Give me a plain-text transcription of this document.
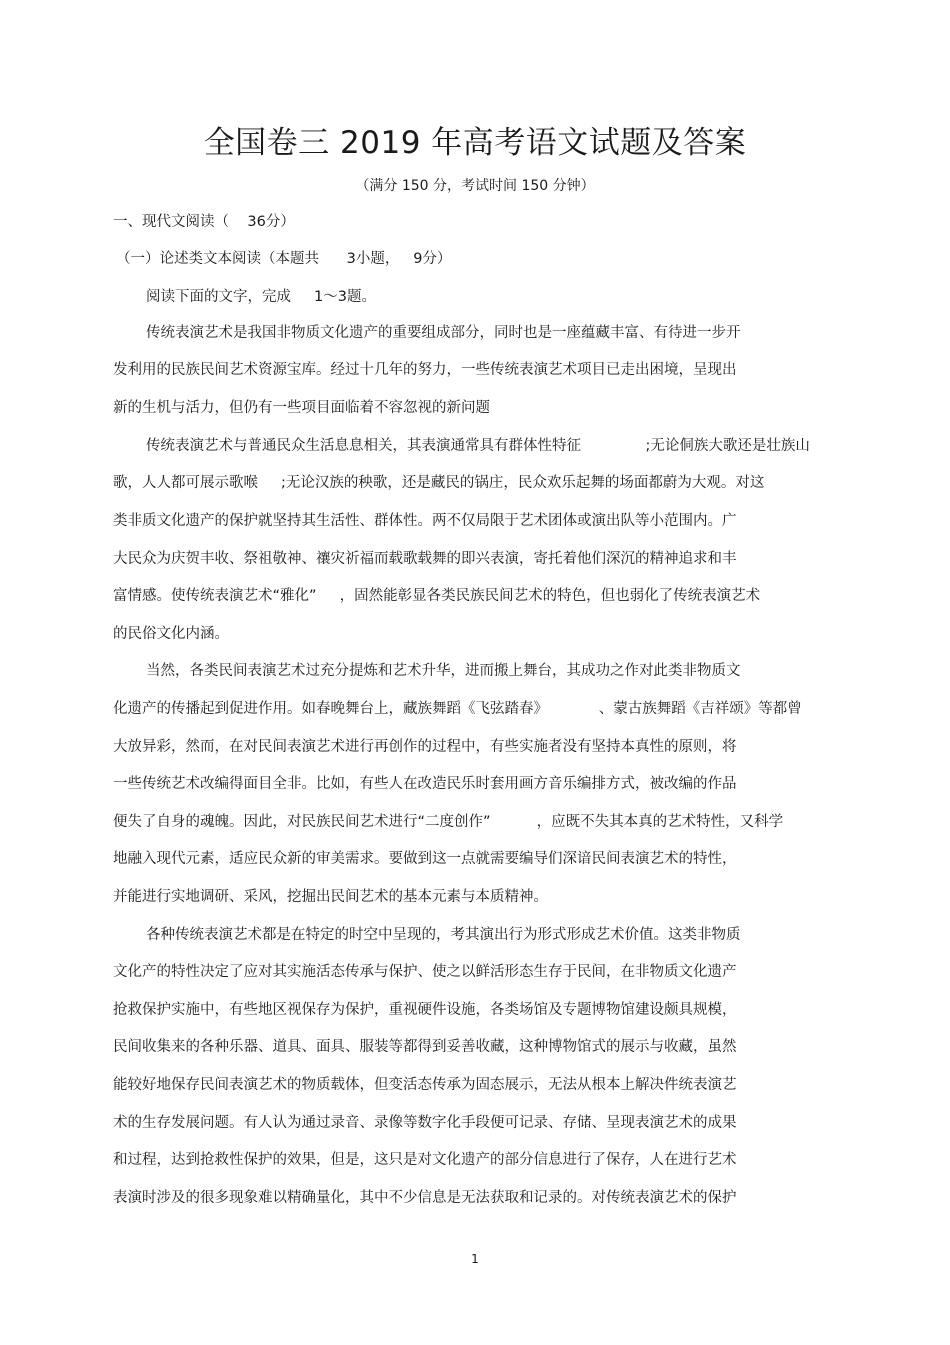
全国卷三 2019 年高考语文试题及答案
（满分 150 分，考试时间 150 分钟）
一、现代文阅读（    36分）
（一）论述类文本阅读（本题共      3小题，   9分）
阅读下面的文字，完成     1～3题。
传统表演艺术是我国非物质文化遗产的重要组成部分，同时也是一座蕴藏丰富、有待进一步开
发利用的民族民间艺术资源宝库。经过十几年的努力，一些传统表演艺术项目已走出困境，呈现出
新的生机与活力，但仍有一些项目面临着不容忽视的新问题
传统表演艺术与普通民众生活息息相关，其表演通常具有群体性特征              ;无论侗族大歌还是壮族山
歌，人人都可展示歌喉     ;无论汉族的秧歌，还是藏民的锅庄，民众欢乐起舞的场面都蔚为大观。对这
类非质文化遗产的保护就坚持其生活性、群体性。两不仅局限于艺术团体或演出队等小范围内。广
大民众为庆贺丰收、祭祖敬神、禳灾祈福而载歌载舞的即兴表演，寄托着他们深沉的精神追求和丰
富情感。使传统表演艺术“雅化”     ，固然能彰显各类民族民间艺术的特色，但也弱化了传统表演艺术
的民俗文化内涵。
当然，各类民间表演艺术过充分提炼和艺术升华，进而搬上舞台，其成功之作对此类非物质文
化遗产的传播起到促进作用。如春晚舞台上，藏族舞蹈《飞弦踏春》           、蒙古族舞蹈《吉祥颂》等都曾
大放异彩，然而，在对民间表演艺术进行再创作的过程中，有些实施者没有坚持本真性的原则，将
一些传统艺术改编得面目全非。比如，有些人在改造民乐时套用画方音乐编排方式，被改编的作品
便失了自身的魂魄。因此，对民族民间艺术进行“二度创作”          ，应既不失其本真的艺术特性，又科学
地融入现代元素，适应民众新的审美需求。要做到这一点就需要编导们深谙民间表演艺术的特性，
并能进行实地调研、采风，挖掘出民间艺术的基本元素与本质精神。
各种传统表演艺术都是在特定的时空中呈现的，考其演出行为形式形成艺术价值。这类非物质
文化产的特性决定了应对其实施活态传承与保护、使之以鲜活形态生存于民间，在非物质文化遗产
抢救保护实施中，有些地区视保存为保护，重视硬件设施，各类场馆及专题博物馆建设颇具规模，
民间收集来的各种乐器、道具、面具、服装等都得到妥善收藏，这种博物馆式的展示与收藏，虽然
能较好地保存民间表演艺术的物质载体，但变活态传承为固态展示，无法从根本上解决件统表演艺
术的生存发展问题。有人认为通过录音、录像等数字化手段便可记录、存储、呈现表演艺术的成果
和过程，达到抢救性保护的效果，但是，这只是对文化遗产的部分信息进行了保存，人在进行艺术
表演时涉及的很多现象难以精确量化，其中不少信息是无法获取和记录的。对传统表演艺术的保护
1
